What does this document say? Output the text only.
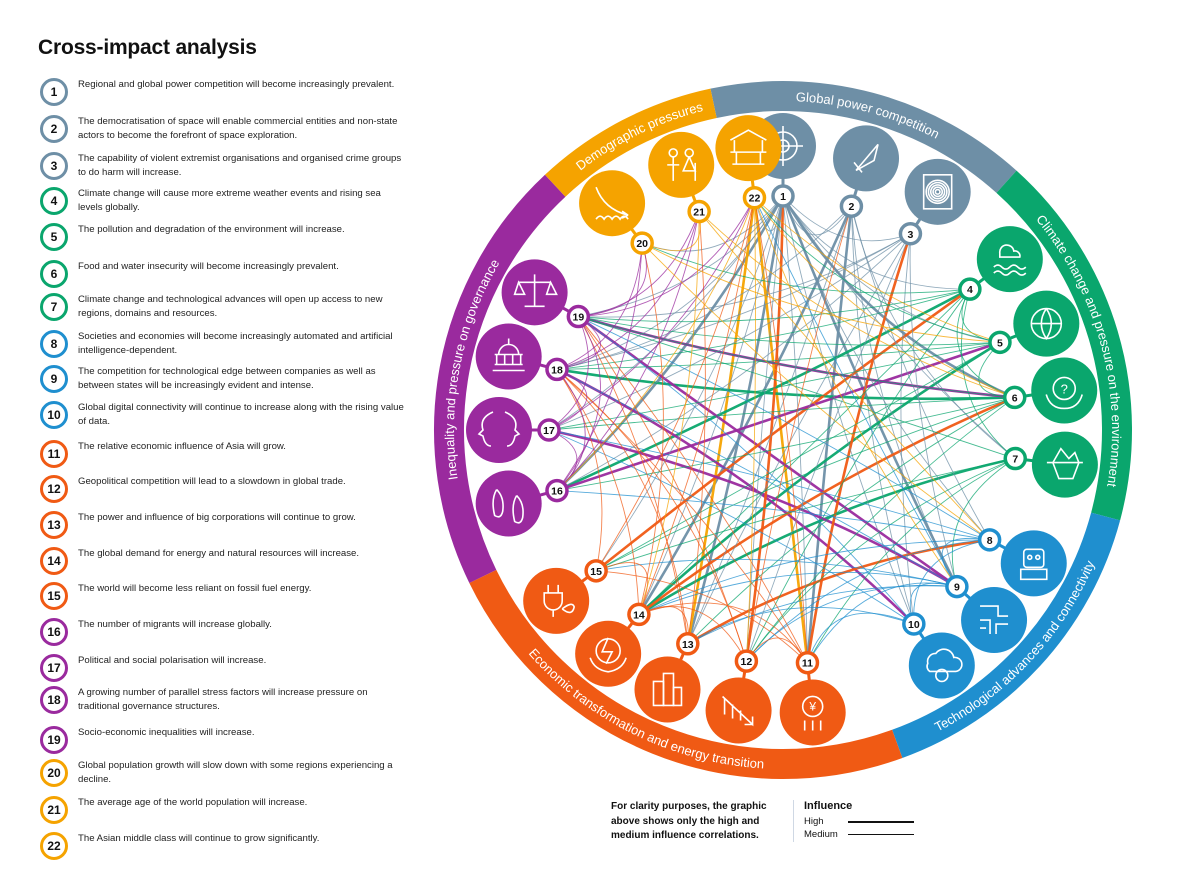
Cross-impact analysis
1
Regional and global power competition will become increasingly prevalent.
2
The democratisation of space will enable commercial entities and non-state actors to become the forefront of space exploration.
3
The capability of violent extremist organisations and organised crime groups to do harm will increase.
4
Climate change will cause more extreme weather events and rising sea levels globally.
5
The pollution and degradation of the environment will increase.
6
Food and water insecurity will become increasingly prevalent.
7
Climate change and technological advances will open up access to new regions, domains and resources.
8
Societies and economies will become increasingly automated and artificial intelligence-dependent.
9
The competition for technological edge between companies as well as between states will be increasingly evident and intense.
10
Global digital connectivity will continue to increase along with the rising value of data.
11
The relative economic influence of Asia will grow.
12
Geopolitical competition will lead to a slowdown in global trade.
13
The power and influence of big corporations will continue to grow.
14
The global demand for energy and natural resources will increase.
15
The world will become less reliant on fossil fuel energy.
16
The number of migrants will increase globally.
17
Political and social polarisation will increase.
18
A growing number of parallel stress factors will increase pressure on traditional governance structures.
19
Socio-economic inequalities will increase.
20
Global population growth will slow down with some regions experiencing a decline.
21
The average age of the world population will increase.
22
The Asian middle class will continue to grow significantly.
Global power competition
Climate change and pressure on the environment
Technological advances and connectivity
Economic transformation and energy transition
Inequality and pressure on governance
Demographic pressures
1
2
3
4
5
?
6
7
8
9
10
¥
11
12
13
14
15
16
17
18
19
20
21
22
For clarity purposes, the graphic above shows only the high and medium influence correlations.
Influence
High
Medium
